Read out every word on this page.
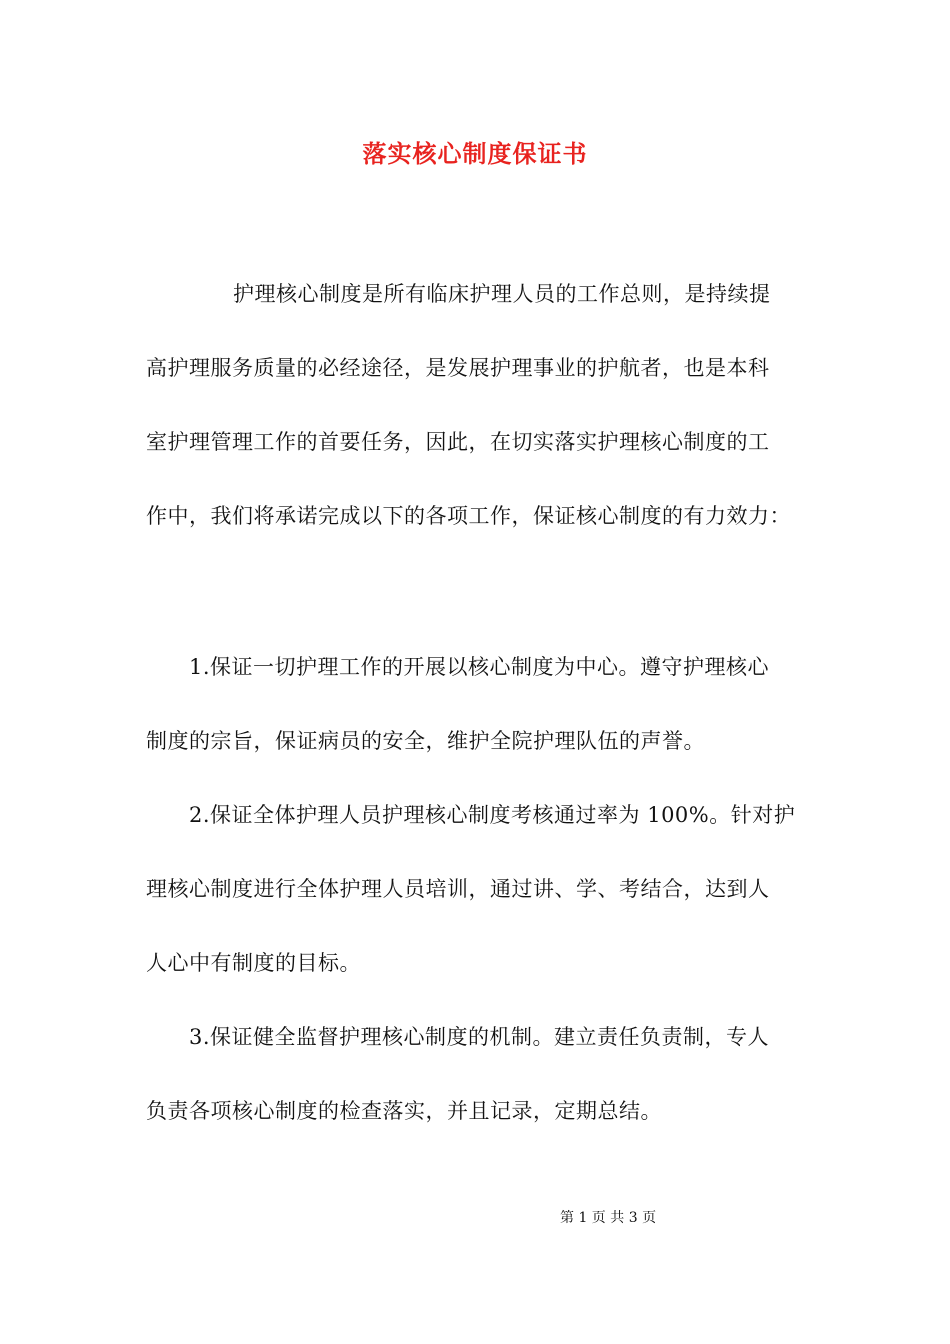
落实核心制度保证书
护理核心制度是所有临床护理人员的工作总则，是持续提
高护理服务质量的必经途径，是发展护理事业的护航者，也是本科
室护理管理工作的首要任务，因此，在切实落实护理核心制度的工
作中，我们将承诺完成以下的各项工作，保证核心制度的有力效力：
1.保证一切护理工作的开展以核心制度为中心。遵守护理核心
制度的宗旨，保证病员的安全，维护全院护理队伍的声誉。
2.保证全体护理人员护理核心制度考核通过率为 100%。针对护
理核心制度进行全体护理人员培训，通过讲、学、考结合，达到人
人心中有制度的目标。
3.保证健全监督护理核心制度的机制。建立责任负责制，专人
负责各项核心制度的检查落实，并且记录，定期总结。
第 1 页 共 3 页
